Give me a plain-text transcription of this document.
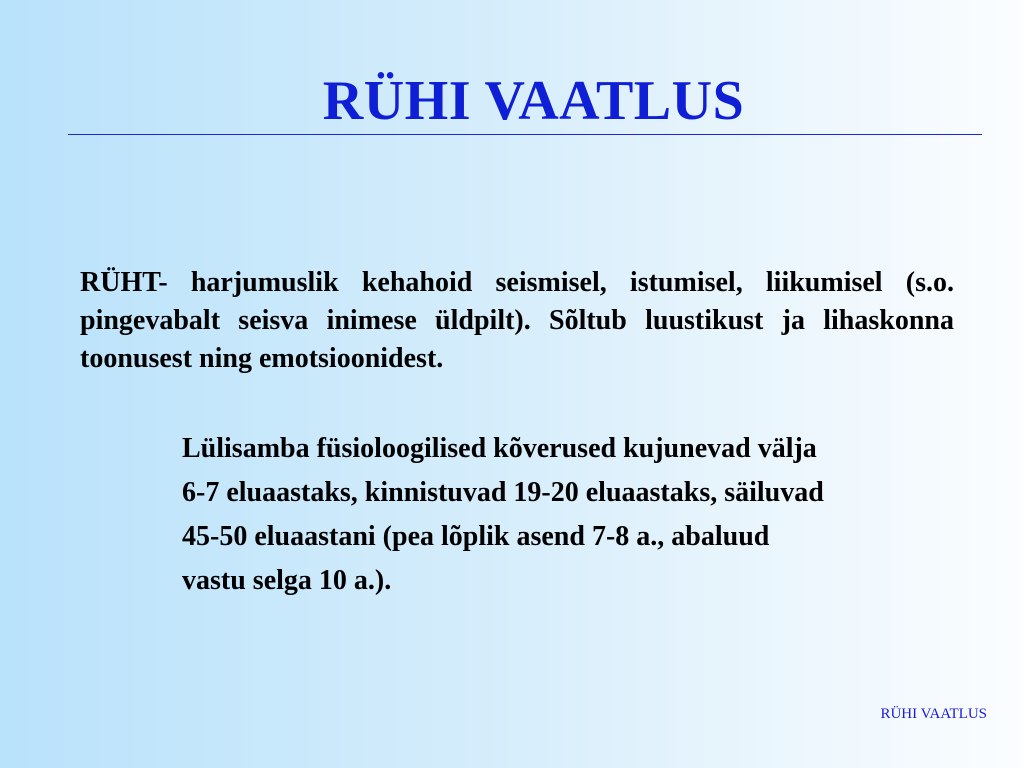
RÜHI VAATLUS

RÜHT- harjumuslik kehahoid seismisel, istumisel, liikumisel (s.o. pingevabalt seisva inimese üldpilt). Sõltub luustikust ja lihaskonna toonusest ning emotsioonidest.

Lülisamba füsioloogilised kõverused kujunevad välja
6-7 eluaastaks, kinnistuvad 19-20 eluaastaks, säiluvad
45-50 eluaastani (pea lõplik asend 7-8 a., abaluud
vastu selga 10 a.).

RÜHI VAATLUS
